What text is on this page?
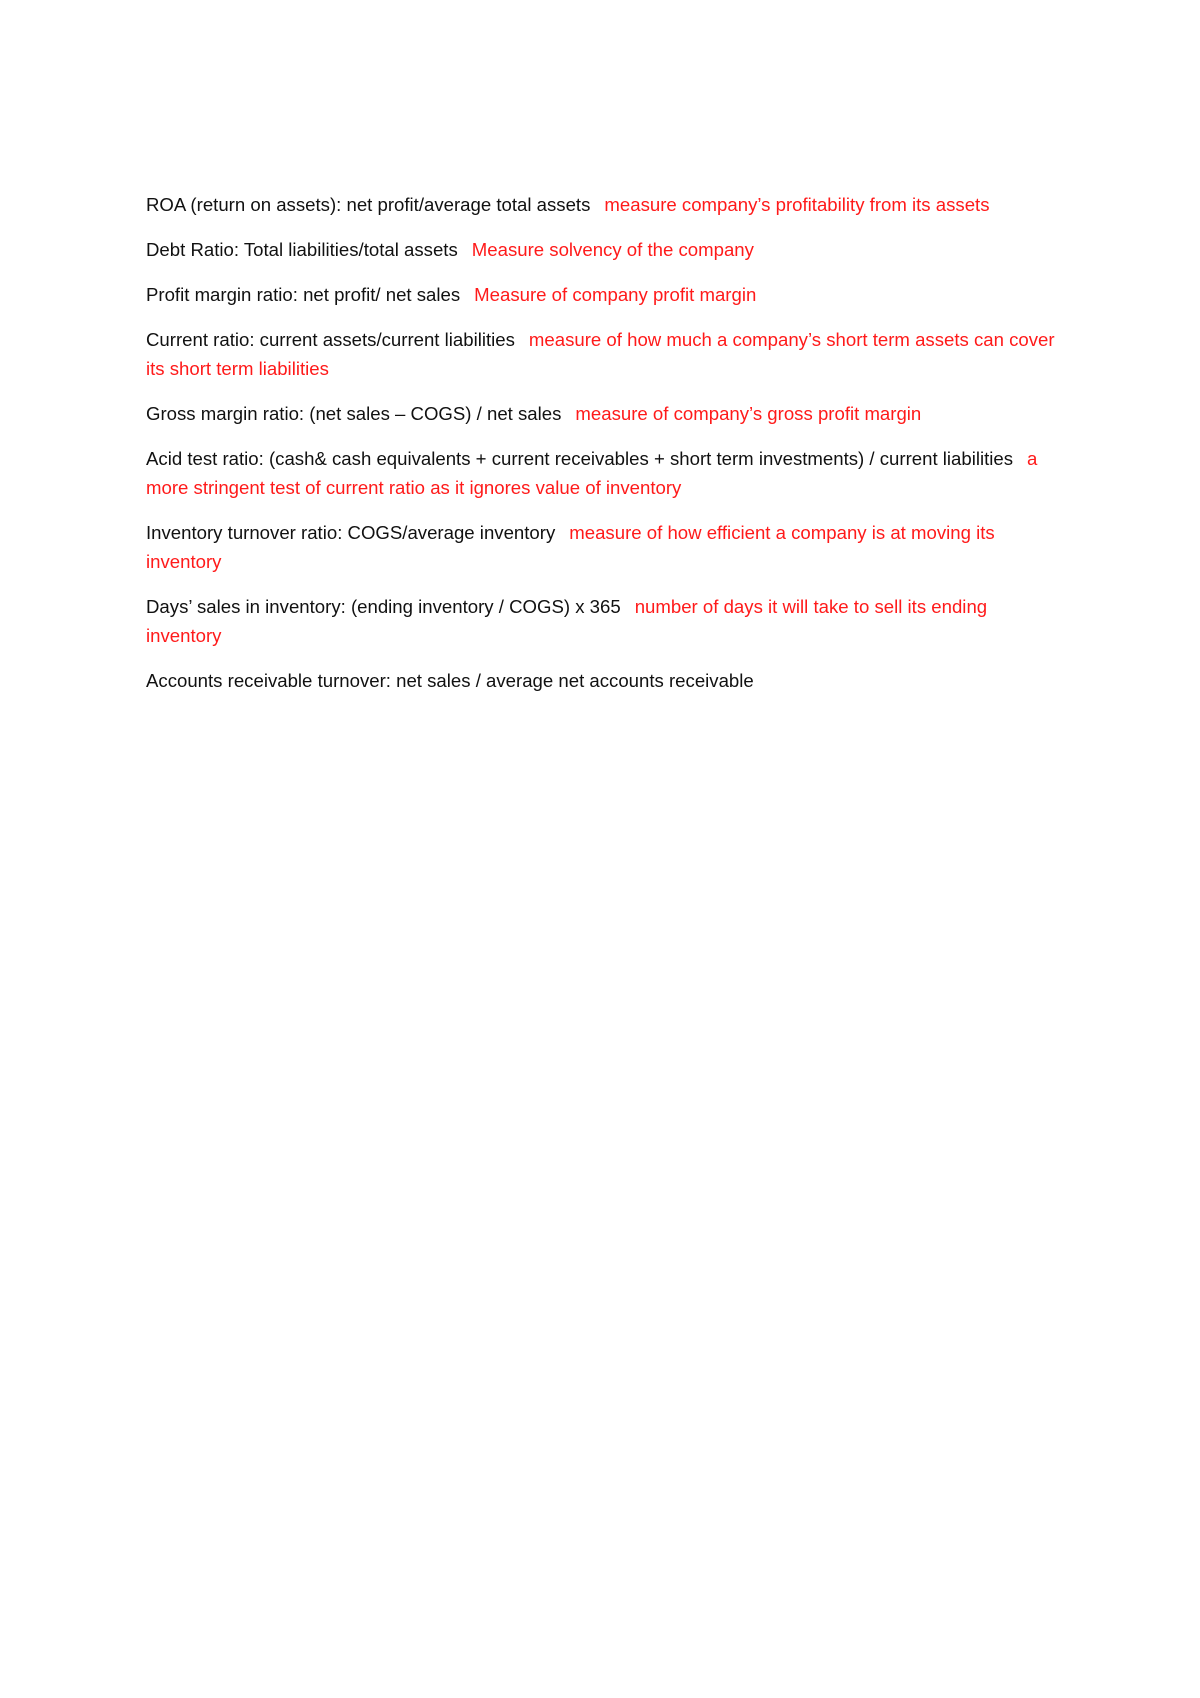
ROA (return on assets): net profit/average total assets measure company’s profitability from its assets

Debt Ratio: Total liabilities/total assets Measure solvency of the company

Profit margin ratio: net profit/ net sales Measure of company profit margin

Current ratio: current assets/current liabilities measure of how much a company’s short term assets can cover its short term liabilities

Gross margin ratio: (net sales – COGS) / net sales measure of company’s gross profit margin

Acid test ratio: (cash& cash equivalents + current receivables + short term investments) / current liabilities a more stringent test of current ratio as it ignores value of inventory

Inventory turnover ratio: COGS/average inventory measure of how efficient a company is at moving its inventory

Days’ sales in inventory: (ending inventory / COGS) x 365 number of days it will take to sell its ending inventory

Accounts receivable turnover: net sales / average net accounts receivable
